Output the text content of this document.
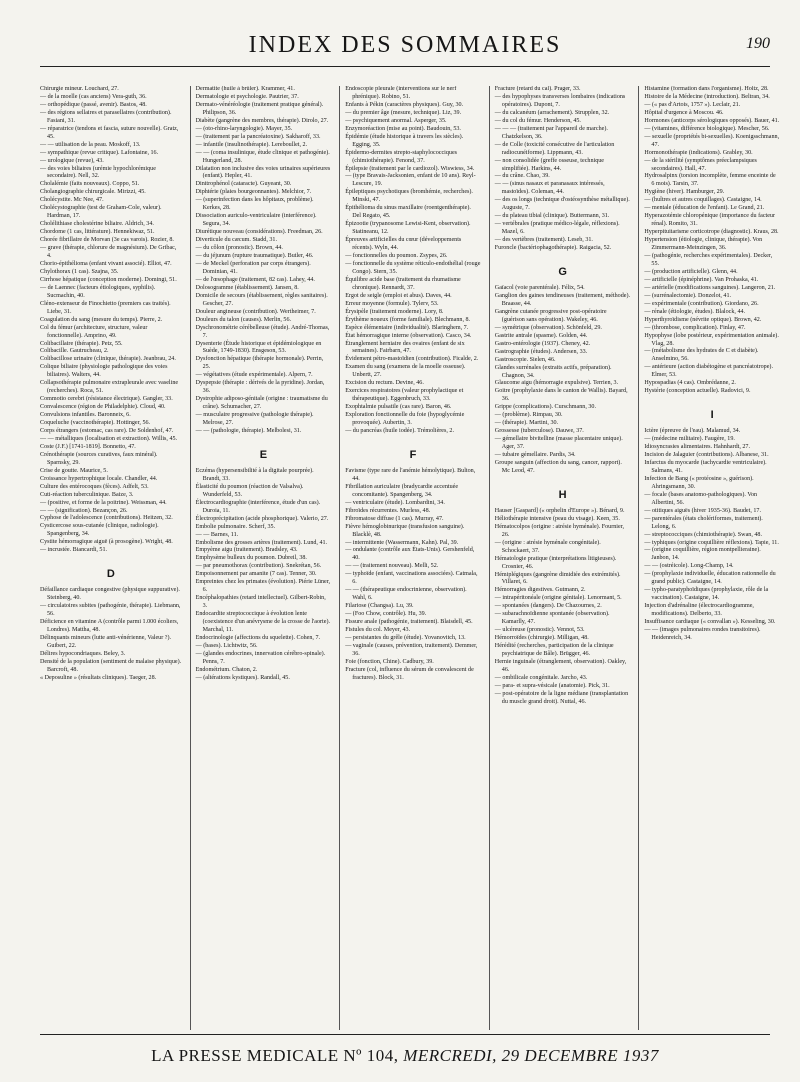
INDEX DES SOMMAIRES	190
Chirurgie mineur. Louchard, 27.
— de la moelle (cas anciens) Vera-guth, 36.
— orthopédique (passé, avenir). Bastos, 48.
— des régions sellaires et parasellaires (contribution). Fasiani, 31.
— réparatrice (tendons et fascia, suture nouvelle). Gratz, 45.
— — utilisation de la peau. Moskoff, 13.
— sympathique (revue critique). Lafontaine, 16.
— urologique (revue), 43.
— des voies biliaires (urémie hypochlorémique secondaire). Nell, 32.
Cholalémie (faits nouveaux). Coppo, 51.
Cholangiographie chirurgicale. Mirizzi, 45.
Cholécystite. Mc Nee, 47.
Cholécystographie (test de Graham-Cole, valeur). Hardman, 17.
Cholélithiase cholestérine biliaire. Aldrich, 34.
Chordome (1 cas, littérature). Hennekiwaz, 51.
Chorée fibrillaire de Morvan (3e cas varois). Rozier, 8.
— grave (thérapie, chlorure de magnésium). De Gribac, 4.
Chorio-épithélioma (enfant vivant associé). Elliot, 47.
Chylothorax (1 cas). Szajna, 35.
Cirrhose hépatique (conception moderne). Domingi, 51.
— de Laennec (facteurs étiologiques, syphilis). Sucmachin, 40.
Cléno-extenseur de Finochietto (premiers cas traités). Liebe, 31.
Coagulation du sang (mesure du temps). Pierre, 2.
Col du fémur (architecture, structure, valeur fonctionnelle). Amprino, 49.
Colibacillaire (thérapie). Petz, 55.
Colibacille. Gautrucheau, 2.
Colibacillose urinaire (clinique, thérapie). Jeanbrau, 24.
Colique biliaire (physiologie pathologique des voies biliaires). Walters, 44.
Collapsothérapie pulmonaire extrapleurale avec vaseline (recherches). Roca, 51.
Commotio cerebri (résistance électrique). Gangler, 33.
Convalescence (région de Philadelphie). Cloud, 40.
Convulsions infantiles. Baronneix, 6.
Coqueluche (vaccinothérapie). Hottinger, 56.
Corps étrangers (estomac, cas rare). De Soldenhof, 47.
— — métalliques (localisation et extraction). Willis, 45.
Coste (J.F.) [1741-1819]. Bonnetto, 47.
Crénothérapie (sources curatives, faux minéral). Sparnsky, 29.
Crise de goutte. Maurice, 5.
Croissance hypertrophique locale. Chandler, 44.
Culture des entérocoques (fèces). Adfelt, 53.
Cuti-réaction tuberculinique. Baize, 3.
— (positive, et forme de la poitrine). Weissman, 44.
— — (signification). Bezançon, 26.
Cyphose de l'adolescence (contributions). Heitzen, 32.
Cysticercose sous-cutanée (clinique, radiologie). Spangenberg, 34.
Cystite hémorragique aiguë (à prosogène). Wright, 48.
— incrustée. Biancardi, 51.
D
Défaillance cardiaque congestive (physique suppurative). Steinberg, 40.
— circulatoires subites (pathogénie, thérapie). Liebmann, 56.
Déficience en vitamine A (contrôle parmi 1.000 écoliers, Londres). Mattha, 48.
Délinquants mineurs (lutte anti-vénérienne, Valeur ?). Guibert, 22.
Délires hypocondriaques. Beley, 3.
Densité de la population (sentiment de malaise physique). Barcroft, 48.
« Deposuline » (résultats cliniques). Taeger, 28.
Dermatite (huile à brûler). Krammer, 41.
Dermatologie et psychologie. Pautrier, 37.
Dermato-vénéréologie (traitement pratique général). Philipson, 36.
Diabète (gangrène des membres, thérapie). Dirolo, 27.
— (oto-rhino-laryngologie). Mayer, 35.
— (traitement par la pancréatoxine). Sakharoff, 33.
— infantile (insulinothérapie). Lereboullet, 2.
— — (coma insulinique, étude clinique et pathogénie). Hungerland, 28.
Dilatation non inclusive des voies urinaires supérieures (enfant). Hepler, 41.
Dinitrophénol (cataracte). Guyeant, 30.
Diphtérie (plaies bourgeonnantes). Melchior, 7.
— (superinfection dans les hôpitaux, problème). Kerkes, 28.
Dissociation auriculo-ventriculaire (interférence). Segura, 34.
Diurétique nouveau (considérations). Freedman, 26.
Diverticule du cæcum. Stadd, 31.
— du côlon (pronostic). Brown, 44.
— du jéjunum (rupture traumatique). Butler, 46.
— de Meckel (perforation par corps étrangers). Dominian, 41.
— de l'œsophage (traitement, 82 cas). Lahey, 44.
Dolosogramme (établissement). Jansen, 8.
Domicile de secours (établissement, règles sanitaires). Gescher, 27.
Douleur angineuse (contribution). Wertheimer, 7.
Douleurs du talon (causes). Merlin, 56.
Dyschronométrie cérébelleuse (étude). André-Thomas, 7.
Dysenterie (Étude historique et épidémiologique en Suède, 1749-1830). Ensgeson, 53.
Dysfonction hépatique (thérapie hormonale). Perrin, 25.
— végétatives (étude expérimentale). Alpern, 7.
Dyspepsie (thérapie : dérivés de la pyridine). Jordan, 36.
Dystrophie adiposo-génitale (origine : traumatisme du crâne). Schumacher, 27.
— musculaire progressive (pathologie thérapie). Melrose, 27.
— — (pathologie, thérapie). Melbolesi, 31.
E
Eczéma (hypersensibilité à la digitale pourprée). Brandt, 33.
Élasticité du poumon (réaction de Valsalva). Wunderfeld, 53.
Électrocardiographie (interférence, étude d'un cas). Duroia, 11.
Électroprécipitation (acide phosphorique). Valerio, 27.
Embolie pulmonaire. Scherf, 35.
— — Barnes, 11.
Embolisme des grosses artères (traitement). Lund, 41.
Empyème aigu (traitement). Bradsley, 43.
Emphysème bulleux du poumon. Dubreil, 38.
— par pneumothorax (contribution). Snekrétan, 56.
Empoisonnement par amanite (7 cas). Tenner, 30.
Empreintes chez les primates (évolution). Piérie Lüner, 6.
Encéphalopathies (retard intellectuel). Gilbert-Robin, 3.
Endocardite streptococcique à évolution lente (coexistence d'un anévrysme de la crosse de l'aorte). Marchal, 11.
Endocrinologie (affections du squelette). Cohen, 7.
— (bases). Lichtwitz, 56.
— (glandes endocrines, innervation cérébro-spinale). Penns, 7.
Endométrium. Chaton, 2.
— (altérations kystiques). Randall, 45.
Endoscopie pleurale (interventions sur le nerf phrénique). Robino, 51.
Enfants à Pékin (caractères physiques). Guy, 30.
— du premier âge (mesure, technique). Liz, 39.
— psychiquement anormal. Asperger, 35.
Enzymoréaction (mise au point). Baudouin, 53.
Épidémie (étude historique à travers les siècles). Egging, 35.
Épidermo-dermites strepto-staphylococciques (chimiothérapie). Fenond, 37.
Épilepsie (traitement par le cardiozol). Wiswiess, 34.
— (type Bravais-Jacksonien, enfant de 10 ans). Reyl-Lescure, 19.
Épileptiques psychotiques (bromhémie, recherches). Minski, 47.
Épithélioma du sinus maxillaire (roentgenthérapie). Del Regato, 45.
Épizootie (trypanosome Lewisi-Kent, observation). Statineanu, 12.
Épreuves artificielles du cœur (développements récents). Wyln, 44.
— fonctionnelles du poumon. Zsypes, 26.
— fonctionnelle du système réticulo-endothélial (rouge Congo). Stern, 35.
Équilibre acide base (traitement du rhumatisme chronique). Rennardt, 37.
Ergot de seigle (emploi et abus). Daves, 44.
Erreur moyenne (formule). Tylerv, 53.
Érysipèle (traitement moderne). Lory, 8.
Érythème noueux (forme familiale). Blechmann, 8.
Espèce élémentaire (individualité). Blaringhem, 7.
État hémorragique interne (observation). Casco, 34.
Étranglement herniaire des ovaires (enfant de six semaines). Fairbarn, 47.
Évidement pétro-mastoïdien (contribution). Ficalde, 2.
Examen du sang (examens de la moelle osseuse). Unbertt, 27.
Excision du rectum. Devine, 46.
Exercices respiratoires (valeur prophylactique et thérapeutique). Eggenbruch, 33.
Exophtalmie pulsatile (cas rare). Baron, 46.
Exploration fonctionnelle du foie (hypoglycémie provoquée). Aubertin, 3.
— du pancréas (huile iodée). Trémolières, 2.
F
Favisme (type rare de l'anémie hémolytique). Bulton, 44.
Fibrillation auriculaire (bradycardie accentuée concomitante). Spangenberg, 34.
— ventriculaire (étude). Lombardini, 34.
Fibroïdes récurrentes. Murless, 48.
Fibromatose diffuse (1 cas). Murray, 47.
Fièvre hémoglobinurique (transfusion sanguine). Blacklè, 48.
— intermittente (Wassermann, Kahn). Pal, 39.
— ondulante (contrôle aux États-Unis). Gershenfeld, 40.
— — (traitement nouveau). Melli, 52.
— typhoïde (enfant, vaccinations associées). Catmala, 6.
— — (thérapeutique endocrinienne, observation). Wahl, 6.
Filariose (Changsa). Lu, 39.
— (Foo Chow, contrôle). Hu, 39.
Fissure anale (pathogénie, traitement). Blaisdell, 45.
Fistules du col. Meyer, 43.
— persistantes du grêle (étude). Yovanovitch, 13.
— vaginale (causes, prévention, traitement). Demmer, 36.
Foie (fonction, Chine). Cadbury, 39.
Fracture (col, influence du sérum de convalescent de fractures). Block, 31.
Fracture (retard du cal). Prager, 33.
— des hypophyses transverses lombaires (indications opératoires). Dupont, 7.
— du calcanéum (arrachement). Strupplen, 32.
— du col du fémur. Henderson, 45.
— — — (traitement par l'appareil de marche). Chatzkelson, 36.
— de Colle (toxicité consécutive de l'articulation radiocunéiforme). Lippmann, 43.
— non consolidée (greffe osseuse, technique simplifiée). Harkins, 44.
— du crâne. Chao, 39.
— — (sinus nasaux et paranasaux intéressés, mastoïdes). Coleman, 44.
— des os longs (technique d'ostéosynthèse métallique). Auguste, 7.
— du plateau tibial (clinique). Buttermann, 31.
— vertébrales (pratique médico-légale, réflexions). Mazel, 6.
— des vertèbres (traitement). Leseb, 31.
Furoncle (bactériophagothérapie). Raigacia, 52.
G
Gaïacol (voie parentérale). Félix, 54.
Ganglion des gaines tendineuses (traitement, méthode). Braasse, 44.
Gangrène cutanée progressive post-opératoire (guérison sans opération). Wakeley, 46.
— symétrique (observation). Schönfeld, 29.
Gastrite antrale (spasme). Golden, 44.
Gastro-entérologie (1937). Cheney, 42.
Gastrographie (études). Andersen, 33.
Gastroscopie. Sielen, 46.
Glandes surrénales (extraits actifs, préparation). Chagnon, 34.
Glaucome aigu (hémorragie expulsive). Terrien, 3.
Goitre (prophylaxie dans le canton de Wallis). Bayard, 36.
Grippe (complications). Curschmann, 30.
— (problème). Rimpau, 30.
— (thérapie). Martini, 30.
Grossesse (tuberculose). Dauwe, 37.
— gémellaire bivitelline (masse placentaire unique). Ager, 37.
— tubaire gémellaire. Pardis, 34.
Groupe sanguin (affection du sang, cancer, rapport). Mc Leod, 47.
H
Hauser [Gaspard] (« orphelin d'Europe »). Bénard, 9.
Héliothérapie intensive (peau du visage). Keen, 35.
Hématocolpos (origine : atrésie hyménale). Fournier, 26.
— (origine : atrésie hyménale congénitale). Schockaert, 37.
Hématologie pratique (interprétations litigieuses). Crosnier, 46.
Hémiplégiques (gangrène dimidiée des extrémités). Villaret, 6.
Hémorragies digestives. Gutmann, 2.
— intrapéritonéale (origine génitale). Lenormant, 5.
— spontanées (dangers). De Chazournes, 2.
— subarachnoïdienne spontanée (observation). Kamarlly, 47.
— ulcéreuse (pronostic). Vennot, 53.
Hémorroïdes (chirurgie). Milligan, 48.
Hérédité (recherches, participation de la clinique psychiatrique de Bâle). Brügger, 46.
Hernie inguinale (étranglement, observation). Oakley, 46.
— ombilicale congénitale. Jarcho, 43.
— para- et supra-vésicale (anatomie). Pick, 31.
— post-opératoire de la ligne médiane (transplantation du muscle grand droit). Nuttal, 46.
Histamine (formation dans l'organisme). Holtz, 28.
Histoire de la Médecine (introduction). Beltran, 34.
— (« pas d'Artois, 1757 »). Leclair, 21.
Hôpital d'urgence à Moscou. 46.
Hormones (anticorps sérologiques opposés). Bauer, 41.
— (vitamines, différence biologique). Mescher, 56.
— sexuelle (propriétés bi-sexuelles). Koenigsschmann, 47.
Hormonothérapie (indications). Grabley, 30.
— de la stérilité (symptômes préeclampsiques secondaires). Hall, 47.
Hydrosalpinx (torsion incomplète, femme enceinte de 6 mois). Tarsin, 37.
Hygiène (hiver). Hamburger, 29.
— (huîtres et autres coquillages). Castaigne, 14.
— mentale (éducation de l'enfant). Le Grand, 21.
Hyperazotémie chloropénique (importance du facteur rénal). Romito, 31.
Hyperpituitarisme corticotrope (diagnostic). Kraus, 28.
Hypertension (étiologie, clinique, thérapie). Von Zimmermann-Meinzingen, 36.
— (pathogénie, recherches expérimentales). Decker, 55.
— (production artificielle). Glenn, 44.
— artificielle (épinéphrine). Van Prohaska, 41.
— artérielle (modifications sanguines). Langeron, 21.
— (surrénalectomie). Donzelot, 41.
— expérimentale (contribution). Giordano, 26.
— rénale (étiologie, études). Blalock, 44.
Hyperthyroïdisme (névrite optique). Brown, 42.
— (thrombose, complication). Finlay, 47.
Hypophyse (lobe postérieur, expérimentation animale). Vlag, 28.
— (métabolisme des hydrates de C et diabète). Anselmino, 56.
— antérieure (action diabétogène et pancréatotrope). Elmer, 53.
Hypospadias (4 cas). Ombrédanne, 2.
Hystérie (conception actuelle). Radovici, 9.
I
Ictère (épreuve de l'eau). Malamud, 34.
— (médecine militaire). Faugère, 19.
Idiosyncrasies alimentaires. Hahnhardt, 27.
Incision de Jalaguier (contributions). Albanese, 31.
Infarctus du myocarde (tachycardie ventriculaire). Salmans, 41.
Infection de Bang (« protéosine », guérison). Ahringsmann, 30.
— focale (bases anatomo-pathologiques). Von Albertini, 56.
— otitiques aiguës (hiver 1935-36). Baudet, 17.
— parentérales (états cholériformes, traitement). Lelong, 6.
— streptococciques (chimiothérapie). Swan, 48.
— typhiques (origine coquillière réflexions). Tapie, 11.
— (origine coquillière, région montpellieraine). Janbon, 14.
— — (ostréicole). Long-Champ, 14.
— (prophylaxie individuelle, éducation rationnelle du grand public). Castaigne, 14.
— typho-paratyphoïdiques (prophylaxie, rôle de la vaccination). Castaigne, 14.
Injection d'adrénaline (électrocardiogramme, modifications). Delberto, 33.
Insuffisance cardiaque (« convallan »). Kesseling, 30.
— — (images pulmonaires rondes transitoires). Heidenreich, 34.
LA PRESSE MEDICALE Nº 104, MERCREDI, 29 DECEMBRE 1937
